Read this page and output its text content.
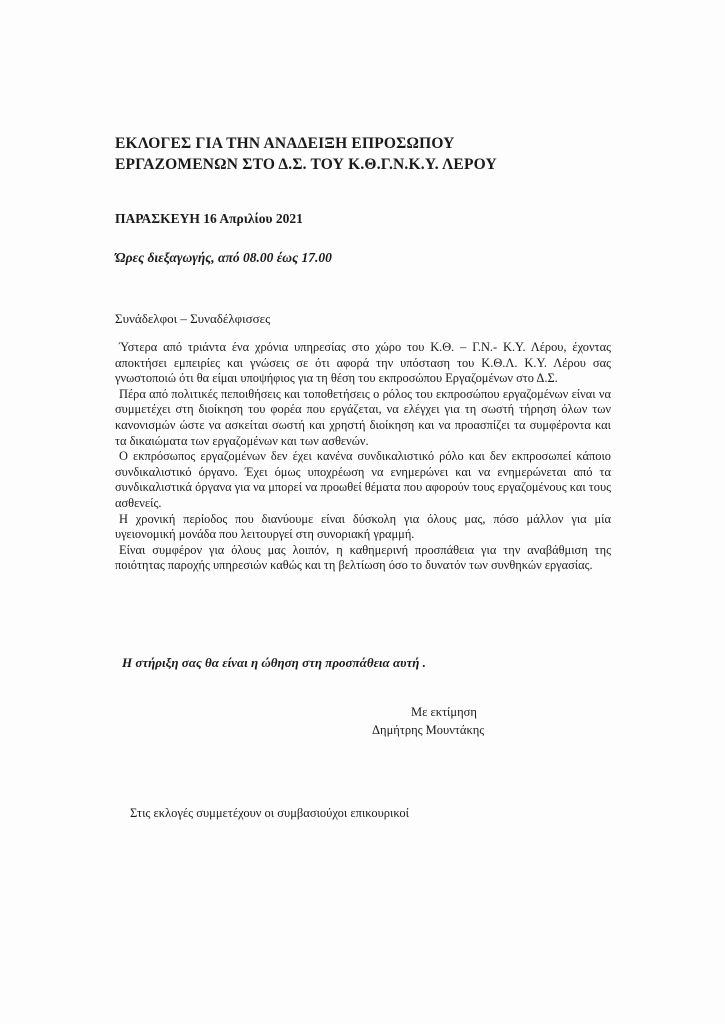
ΕΚΛΟΓΕΣ ΓΙΑ ΤΗΝ ΑΝΑΔΕΙΞΗ ΕΠΡΟΣΩΠΟΥ
ΕΡΓΑΖΟΜΕΝΩΝ ΣΤΟ Δ.Σ. ΤΟΥ Κ.Θ.Γ.Ν.Κ.Υ. ΛΕΡΟΥ
ΠΑΡΑΣΚΕΥΗ 16 Απριλίου 2021
Ώρες διεξαγωγής, από 08.00 έως 17.00
Συνάδελφοι – Συναδέλφισσες

Ύστερα από τριάντα ένα χρόνια υπηρεσίας στο χώρο του Κ.Θ. – Γ.Ν.- Κ.Υ. Λέρου, έχοντας αποκτήσει εμπειρίες και γνώσεις σε ότι αφορά την υπόσταση του Κ.Θ.Λ. Κ.Υ. Λέρου σας γνωστοποιώ ότι θα είμαι υποψήφιος για τη θέση του εκπροσώπου Εργαζομένων στο Δ.Σ.

Πέρα από πολιτικές πεποιθήσεις και τοποθετήσεις ο ρόλος του εκπροσώπου εργαζομένων είναι να συμμετέχει στη διοίκηση του φορέα που εργάζεται, να ελέγχει για τη σωστή τήρηση όλων των κανονισμών ώστε να ασκείται σωστή και χρηστή διοίκηση και να προασπίζει τα συμφέροντα και τα δικαιώματα των εργαζομένων και των ασθενών.

Ο εκπρόσωπος εργαζομένων δεν έχει κανένα συνδικαλιστικό ρόλο και δεν εκπροσωπεί κάποιο συνδικαλιστικό όργανο. Έχει όμως υποχρέωση να ενημερώνει και να ενημερώνεται από τα συνδικαλιστικά όργανα για να μπορεί να προωθεί θέματα που αφορούν τους εργαζομένους και τους ασθενείς.

Η χρονική περίοδος που διανύουμε είναι δύσκολη για όλους μας, πόσο μάλλον για μία υγειονομική μονάδα που λειτουργεί στη συνοριακή γραμμή.

Είναι συμφέρον για όλους μας λοιπόν, η καθημερινή προσπάθεια για την αναβάθμιση της ποιότητας παροχής υπηρεσιών καθώς και τη βελτίωση όσο το δυνατόν των συνθηκών εργασίας.

Η στήριξη σας θα είναι η ώθηση στη προσπάθεια αυτή .
Με εκτίμηση
Δημήτρης Μουντάκης
Στις εκλογές συμμετέχουν οι συμβασιούχοι επικουρικοί
